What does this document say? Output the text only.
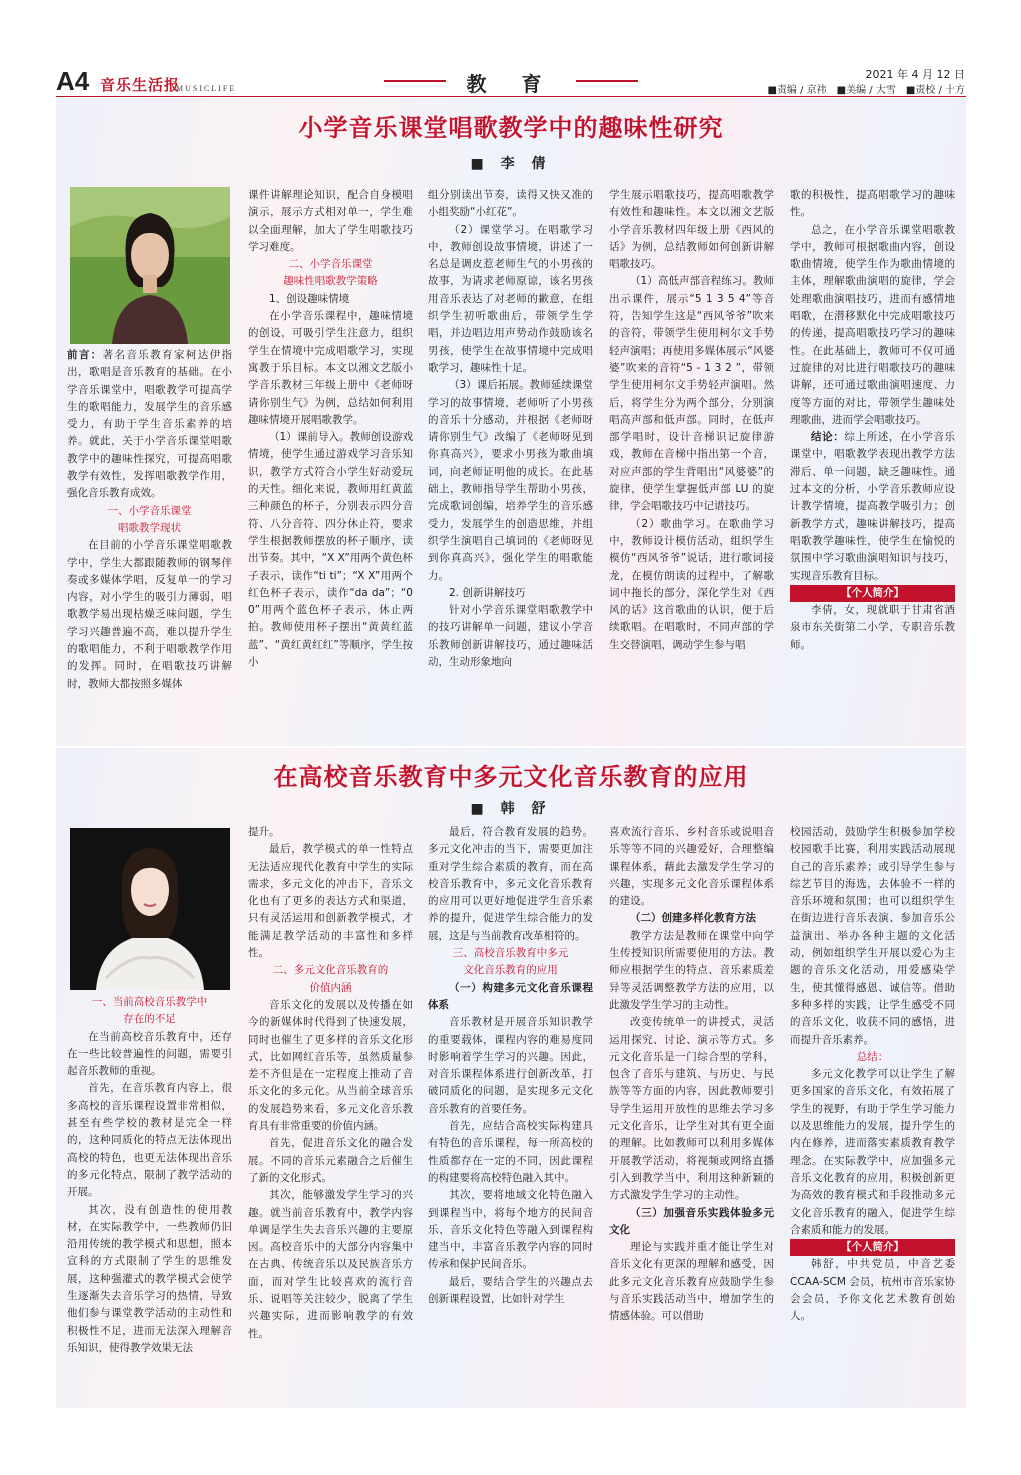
A4 音乐生活报
MUSICLIFE	教 育	2021 年 4 月 12 日
■责编 / 京祎　■美编 / 大雪　■责校 / 十方
小学音乐课堂唱歌教学中的趣味性研究
■ 李 倩

前言：著名音乐教育家柯达伊指出，歌唱是音乐教育的基础。在小学音乐课堂中，唱歌教学可提高学生的歌唱能力，发展学生的音乐感受力，有助于学生音乐素养的培养。就此，关于小学音乐课堂唱歌教学中的趣味性探究，可提高唱歌教学有效性，发挥唱歌教学作用，强化音乐教育成效。

一、小学音乐课堂
唱歌教学现状

在目前的小学音乐课堂唱歌教学中，学生大都跟随教师的钢琴伴奏或多媒体学唱，反复单一的学习内容，对小学生的吸引力薄弱，唱歌教学易出现枯燥乏味问题，学生学习兴趣普遍不高，难以提升学生的歌唱能力，不利于唱歌教学作用的发挥。同时，在唱歌技巧讲解时，教师大都按照多媒体

课件讲解理论知识，配合自身模唱演示，展示方式相对单一，学生难以全面理解，加大了学生唱歌技巧学习难度。

二、小学音乐课堂
趣味性唱歌教学策略

1、创设趣味情境

在小学音乐课程中，趣味情境的创设，可吸引学生注意力，组织学生在情境中完成唱歌学习，实现寓教于乐目标。本文以湘文艺版小学音乐教材三年级上册中《老师呀请你别生气》为例，总结如何利用趣味情境开展唱歌教学。

（1）课前导入。教师创设游戏情境，使学生通过游戏学习音乐知识，教学方式符合小学生好动爱玩的天性。细化来说，教师用红黄蓝三种颜色的杯子，分别表示四分音符、八分音符、四分休止符，要求学生根据教师摆放的杯子顺序，读出节奏。其中，“X X”用两个黄色杯子表示，读作“ti ti”；“X X”用两个红色杯子表示，读作“da da”；“0 0”用两个蓝色杯子表示，休止两拍。教师使用杯子摆出“黄黄红蓝蓝”、“黄红黄红红”等顺序，学生按小

组分别读出节奏，读得又快又准的小组奖励“小红花”。

（2）课堂学习。在唱歌学习中，教师创设故事情境，讲述了一名总是调皮惹老师生气的小男孩的故事，为请求老师原谅，该名男孩用音乐表达了对老师的歉意，在组织学生初听歌曲后，带领学生学唱，并边唱边用声势动作鼓励该名男孩，使学生在故事情境中完成唱歌学习，趣味性十足。

（3）课后拓展。教师延续课堂学习的故事情境，老师听了小男孩的音乐十分感动，并根据《老师呀请你别生气》改编了《老师呀见到你真高兴》，要求小男孩为歌曲填词，向老师证明他的成长。在此基础上，教师指导学生帮助小男孩，完成歌词创编，培养学生的音乐感受力，发展学生的创造思维，并组织学生演唱自己填词的《老师呀见到你真高兴》，强化学生的唱歌能力。

2. 创新讲解技巧

针对小学音乐课堂唱歌教学中的技巧讲解单一问题，建议小学音乐教师创新讲解技巧，通过趣味活动，生动形象地向

学生展示唱歌技巧，提高唱歌教学有效性和趣味性。本文以湘文艺版小学音乐教材四年级上册《西风的话》为例，总结教师如何创新讲解唱歌技巧。

（1）高低声部音程练习。教师出示课件，展示“5 1 3 5 4”等音符，告知学生这是“西风爷爷”吹来的音符，带领学生使用柯尔文手势轻声演唱；再使用多媒体展示“风婆婆”吹来的音符“5 - 1 3 2 ”，带领学生使用柯尔文手势轻声演唱。然后，将学生分为两个部分，分别演唱高声部和低声部。同时，在低声部学唱时，设计音梯识记旋律游戏，教师在音梯中指出第一个音，对应声部的学生背唱出“风婆婆”的旋律，使学生掌握低声部 LU 的旋律，学会唱歌技巧中记谱技巧。

（2）歌曲学习。在歌曲学习中，教师设计模仿活动，组织学生模仿“西风爷爷”说话，进行歌词接龙，在模仿朗读的过程中，了解歌词中拖长的部分，深化学生对《西风的话》这首歌曲的认识，便于后续歌唱。在唱歌时，不同声部的学生交替演唱，调动学生参与唱

歌的积极性，提高唱歌学习的趣味性。

总之，在小学音乐课堂唱歌教学中，教师可根据歌曲内容，创设歌曲情境，使学生作为歌曲情境的主体，理解歌曲演唱的旋律，学会处理歌曲演唱技巧，进而有感情地唱歌，在潜移默化中完成唱歌技巧的传递，提高唱歌技巧学习的趣味性。在此基础上，教师可不仅可通过旋律的对比进行唱歌技巧的趣味讲解，还可通过歌曲演唱速度、力度等方面的对比，带领学生趣味处理歌曲，进而学会唱歌技巧。

结论：综上所述，在小学音乐课堂中，唱歌教学表现出教学方法滞后、单一问题，缺乏趣味性。通过本文的分析，小学音乐教师应设计教学情境，提高教学吸引力；创新教学方式，趣味讲解技巧，提高唱歌教学趣味性，使学生在愉悦的氛围中学习歌曲演唱知识与技巧，实现音乐教育目标。

【个人简介】

李倩，女，现就职于甘肃省酒泉市东关街第二小学，专职音乐教师。

在高校音乐教育中多元文化音乐教育的应用
■ 韩 舒

一、当前高校音乐教学中
存在的不足

在当前高校音乐教育中，还存在一些比较普遍性的问题，需要引起音乐教师的重视。

首先，在音乐教育内容上，很多高校的音乐课程设置非常相似，甚至有些学校的教材是完全一样的，这种同质化的特点无法体现出高校的特色，也更无法体现出音乐的多元化特点，限制了教学活动的开展。

其次，没有创造性的使用教材，在实际教学中，一些教师仍旧沿用传统的教学模式和思想，照本宣科的方式限制了学生的思维发展，这种强灌式的教学模式会使学生逐渐失去音乐学习的热情，导致他们参与课堂教学活动的主动性和积极性不足，进而无法深入理解音乐知识，使得教学效果无法

提升。

最后，教学模式的单一性特点无法适应现代化教育中学生的实际需求，多元文化的冲击下，音乐文化也有了更多的表达方式和渠道，只有灵活运用和创新教学模式，才能满足教学活动的丰富性和多样性。

二、多元文化音乐教育的
价值内涵

音乐文化的发展以及传播在如今的新媒体时代得到了快速发展，同时也催生了更多样的音乐文化形式，比如网红音乐等，虽然质量参差不齐但是在一定程度上推动了音乐文化的多元化。从当前全球音乐的发展趋势来看，多元文化音乐教育具有非常重要的价值内涵。

首先，促进音乐文化的融合发展。不同的音乐元素融合之后催生了新的文化形式。

其次，能够激发学生学习的兴趣。就当前音乐教育中，教学内容单调是学生失去音乐兴趣的主要原因。高校音乐中的大部分内容集中在古典、传统音乐以及民族音乐方面，而对学生比较喜欢的流行音乐、说唱等关注较少，脱离了学生兴趣实际，进而影响教学的有效性。

最后，符合教育发展的趋势。多元文化冲击的当下，需要更加注重对学生综合素质的教育，而在高校音乐教育中，多元文化音乐教育的应用可以更好地促进学生音乐素养的提升，促进学生综合能力的发展，这是与当前教育改革相符的。

三、高校音乐教育中多元
文化音乐教育的应用

（一）构建多元文化音乐课程体系

音乐教材是开展音乐知识教学的重要载体，课程内容的难易度同时影响着学生学习的兴趣。因此，对音乐课程体系进行创新改革，打破同质化的问题，是实现多元文化音乐教育的首要任务。

首先，应结合高校实际构建具有特色的音乐课程，每一所高校的性质都存在一定的不同，因此课程的构建要将高校特色融入其中。

其次，要将地域文化特色融入到课程当中，将每个地方的民间音乐、音乐文化特色等融入到课程构建当中，丰富音乐教学内容的同时传承和保护民间音乐。

最后，要结合学生的兴趣点去创新课程设置，比如针对学生

喜欢流行音乐、乡村音乐或说唱音乐等等不同的兴趣爱好，合理整编课程体系，藉此去激发学生学习的兴趣，实现多元文化音乐课程体系的建设。

（二）创建多样化教育方法

教学方法是教师在课堂中向学生传授知识所需要使用的方法。教师应根据学生的特点、音乐素质差异等灵活调整教学方法的应用，以此激发学生学习的主动性。

改变传统单一的讲授式，灵活运用探究、讨论、演示等方式。多元文化音乐是一门综合型的学科，包含了音乐与建筑、与历史、与民族等等方面的内容，因此教师要引导学生运用开放性的思维去学习多元文化音乐，让学生对其有更全面的理解。比如教师可以利用多媒体开展教学活动，将视频或网络直播引入到教学当中，利用这种新颖的方式激发学生学习的主动性。

（三）加强音乐实践体验多元文化

理论与实践并重才能让学生对音乐文化有更深的理解和感受，因此多元文化音乐教育应鼓励学生参与音乐实践活动当中，增加学生的情感体验。可以借助

校园活动，鼓励学生积极参加学校校园歌手比赛，利用实践活动展现自己的音乐素养；或引导学生参与综艺节目的海选，去体验不一样的音乐环境和氛围；也可以组织学生在街边进行音乐表演、参加音乐公益演出、举办各种主题的文化活动，例如组织学生开展以爱心为主题的音乐文化活动，用爱感染学生，使其懂得感恩、诚信等。借助多种多样的实践，让学生感受不同的音乐文化，收获不同的感悟，进而提升音乐素养。

总结：

多元文化教学可以让学生了解更多国家的音乐文化，有效拓展了学生的视野，有助于学生学习能力以及思维能力的发展，提升学生的内在修养，进而落实素质教育教学理念。在实际教学中，应加强多元音乐文化教育的应用，积极创新更为高效的教育模式和手段推动多元文化音乐教育的融入，促进学生综合素质和能力的发展。

【个人简介】

韩舒，中共党员，中音艺委 CCAA-SCM 会员，杭州市音乐家协会会员，予你文化艺术教育创始人。
